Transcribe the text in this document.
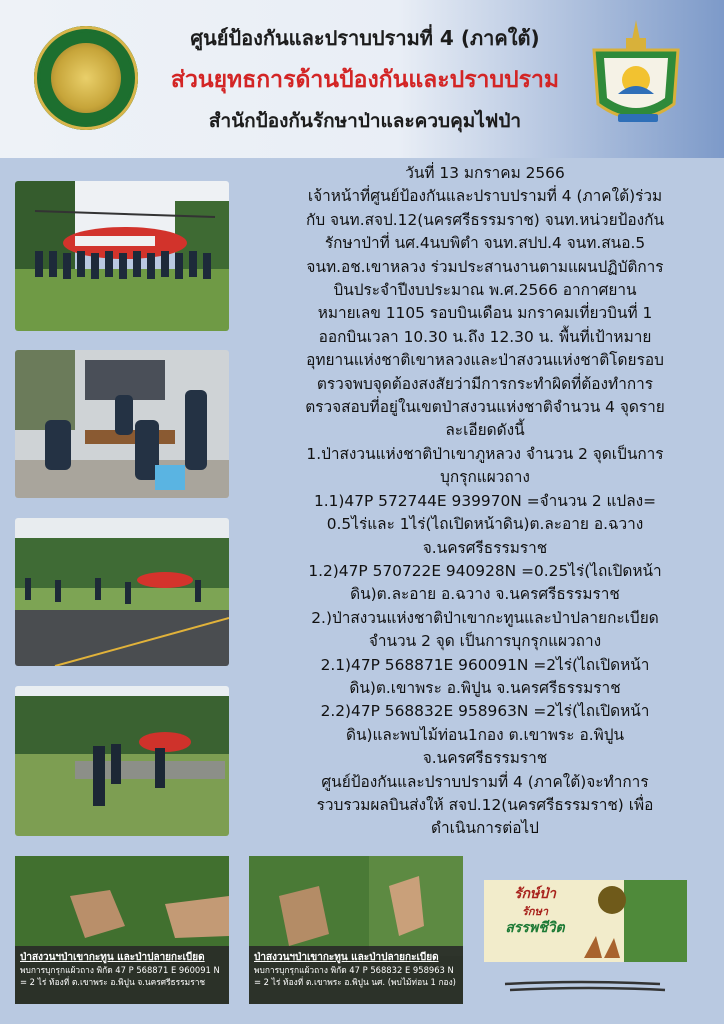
ศูนย์ป้องกันและปราบปรามที่ 4 (ภาคใต้)
ส่วนยุทธการด้านป้องกันและปราบปราม
สำนักป้องกันรักษาป่าและควบคุมไฟป่า

วันที่ 13 มกราคม 2566

เจ้าหน้าที่ศูนย์ป้องกันและปราบปรามที่ 4 (ภาคใต้)ร่วม

กับ จนท.สจป.12(นครศรีธรรมราช) จนท.หน่วยป้องกัน

รักษาป่าที่ นศ.4นบพิตำ จนท.สปป.4 จนท.สนอ.5

จนท.อช.เขาหลวง ร่วมประสานงานตามแผนปฏิบัติการ

บินประจำปีงบประมาณ พ.ศ.2566 อากาศยาน

หมายเลข 1105 รอบบินเดือน มกราคมเที่ยวบินที่ 1

ออกบินเวลา 10.30 น.ถึง 12.30 น. พื้นที่เป้าหมาย

อุทยานแห่งชาติเขาหลวงและป่าสงวนแห่งชาติโดยรอบ

ตรวจพบจุดต้องสงสัยว่ามีการกระทำผิดที่ต้องทำการ

ตรวจสอบที่อยู่ในเขตป่าสงวนแห่งชาติจำนวน 4 จุดราย

ละเอียดดังนี้

1.ป่าสงวนแห่งชาติป่าเขาภูหลวง จำนวน 2 จุดเป็นการ

บุกรุกแผวถาง

1.1)47P 572744E 939970N =จำนวน 2 แปลง=

0.5ไร่และ 1ไร่(ไถเปิดหน้าดิน)ต.ละอาย อ.ฉวาง

จ.นครศรีธรรมราช

1.2)47P 570722E 940928N =0.25ไร่(ไถเปิดหน้า

ดิน)ต.ละอาย อ.ฉวาง จ.นครศรีธรรมราช

2.)ป่าสงวนแห่งชาติป่าเขากะทูนและป่าปลายกะเบียด

จำนวน 2 จุด เป็นการบุกรุกแผวถาง

2.1)47P 568871E 960091N =2ไร่(ไถเปิดหน้า

ดิน)ต.เขาพระ อ.พิปูน จ.นครศรีธรรมราช

2.2)47P 568832E 958963N =2ไร่(ไถเปิดหน้า

ดิน)และพบไม้ท่อน1กอง ต.เขาพระ อ.พิปูน

จ.นครศรีธรรมราช

ศูนย์ป้องกันและปราบปรามที่ 4 (ภาคใต้)จะทำการ

รวบรวมผลบินส่งให้ สจป.12(นครศรีธรรมราช) เพื่อ

ดำเนินการต่อไป

ป่าสงวนฯป่าเขากะทูน และป่าปลายกะเบียด
พบการบุกรุกแผ้วถาง พิกัด 47 P 568871 E 960091 N
= 2 ไร่ ท้องที่ ต.เขาพระ อ.พิปูน จ.นครศรีธรรมราช
ป่าสงวนฯป่าเขากะทูน และป่าปลายกะเบียด
พบการบุกรุกแผ้วถาง พิกัด 47 P 568832 E 958963 N
= 2 ไร่ ท้องที่ ต.เขาพระ อ.พิปูน นศ. (พบไม้ท่อน 1 กอง)
รักษ์ป่า
รักษา
สรรพชีวิต
